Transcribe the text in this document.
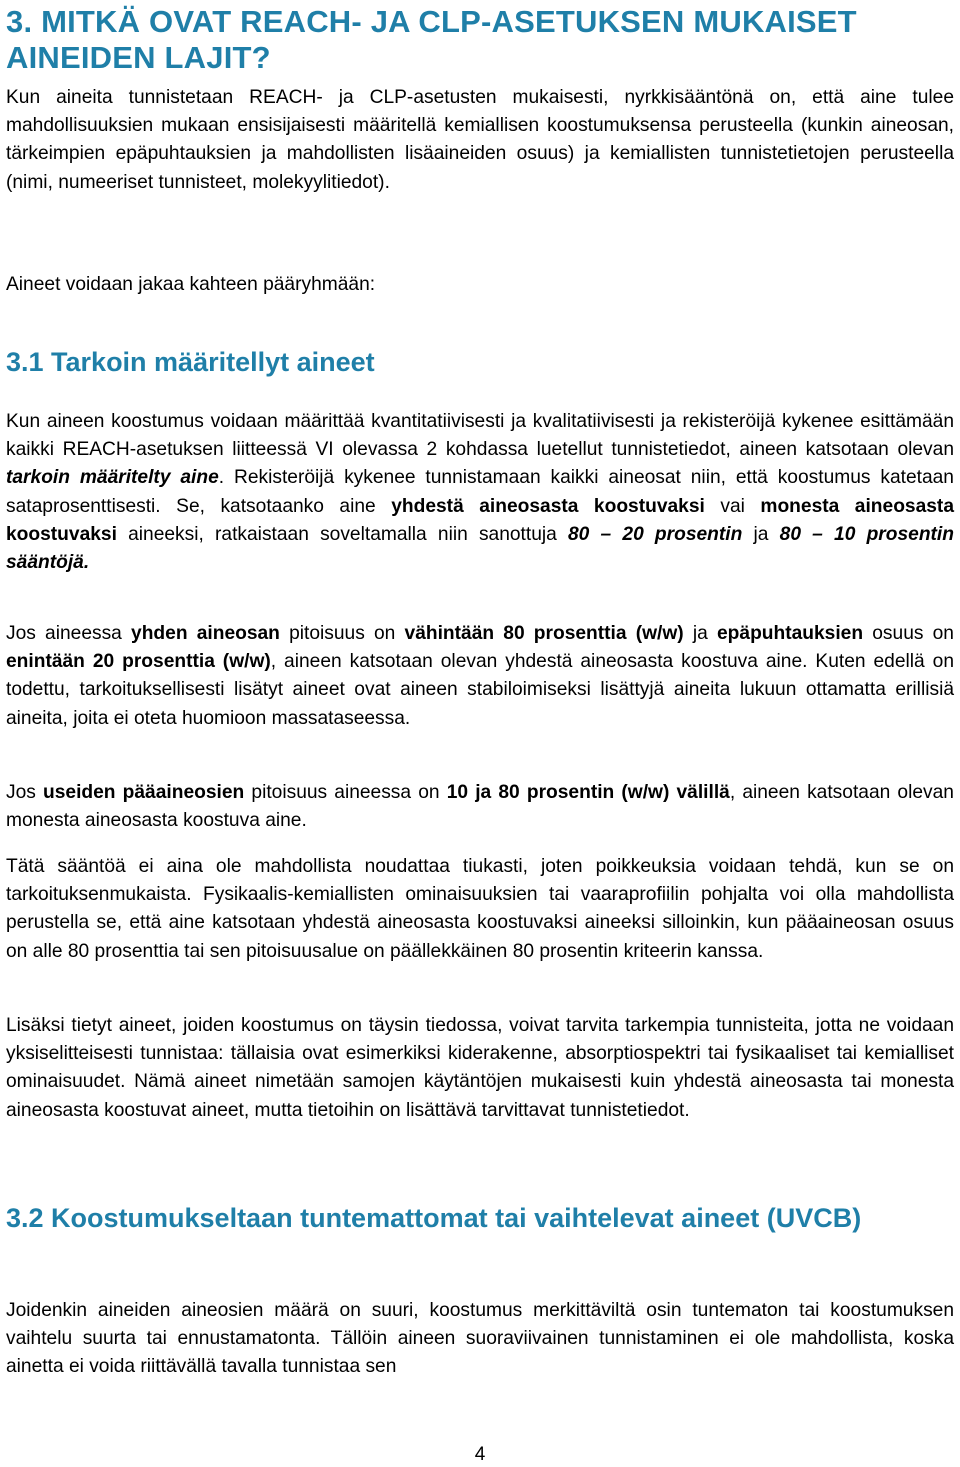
3. MITKÄ OVAT REACH- JA CLP-ASETUKSEN MUKAISET AINEIDEN LAJIT?

Kun aineita tunnistetaan REACH- ja CLP-asetusten mukaisesti, nyrkkisääntönä on, että aine tulee mahdollisuuksien mukaan ensisijaisesti määritellä kemiallisen koostumuksensa perusteella (kunkin aineosan, tärkeimpien epäpuhtauksien ja mahdollisten lisäaineiden osuus) ja kemiallisten tunnistetietojen perusteella (nimi, numeeriset tunnisteet, molekyylitiedot).

Aineet voidaan jakaa kahteen pääryhmään:

3.1 Tarkoin määritellyt aineet

Kun aineen koostumus voidaan määrittää kvantitatiivisesti ja kvalitatiivisesti ja rekisteröijä kykenee esittämään kaikki REACH-asetuksen liitteessä VI olevassa 2 kohdassa luetellut tunnistetiedot, aineen katsotaan olevan tarkoin määritelty aine. Rekisteröijä kykenee tunnistamaan kaikki aineosat niin, että koostumus katetaan sataprosenttisesti. Se, katsotaanko aine yhdestä aineosasta koostuvaksi vai monesta aineosasta koostuvaksi aineeksi, ratkaistaan soveltamalla niin sanottuja 80 – 20 prosentin ja 80 – 10 prosentin sääntöjä.

Jos aineessa yhden aineosan pitoisuus on vähintään 80 prosenttia (w/w) ja epäpuhtauksien osuus on enintään 20 prosenttia (w/w), aineen katsotaan olevan yhdestä aineosasta koostuva aine. Kuten edellä on todettu, tarkoituksellisesti lisätyt aineet ovat aineen stabiloimiseksi lisättyjä aineita lukuun ottamatta erillisiä aineita, joita ei oteta huomioon massataseessa.

Jos useiden pääaineosien pitoisuus aineessa on 10 ja 80 prosentin (w/w) välillä, aineen katsotaan olevan monesta aineosasta koostuva aine.

Tätä sääntöä ei aina ole mahdollista noudattaa tiukasti, joten poikkeuksia voidaan tehdä, kun se on tarkoituksenmukaista. Fysikaalis-kemiallisten ominaisuuksien tai vaaraprofiilin pohjalta voi olla mahdollista perustella se, että aine katsotaan yhdestä aineosasta koostuvaksi aineeksi silloinkin, kun pääaineosan osuus on alle 80 prosenttia tai sen pitoisuusalue on päällekkäinen 80 prosentin kriteerin kanssa.

Lisäksi tietyt aineet, joiden koostumus on täysin tiedossa, voivat tarvita tarkempia tunnisteita, jotta ne voidaan yksiselitteisesti tunnistaa: tällaisia ovat esimerkiksi kiderakenne, absorptiospektri tai fysikaaliset tai kemialliset ominaisuudet. Nämä aineet nimetään samojen käytäntöjen mukaisesti kuin yhdestä aineosasta tai monesta aineosasta koostuvat aineet, mutta tietoihin on lisättävä tarvittavat tunnistetiedot.

3.2 Koostumukseltaan tuntemattomat tai vaihtelevat aineet (UVCB)

Joidenkin aineiden aineosien määrä on suuri, koostumus merkittäviltä osin tuntematon tai koostumuksen vaihtelu suurta tai ennustamatonta. Tällöin aineen suoraviivainen tunnistaminen ei ole mahdollista, koska ainetta ei voida riittävällä tavalla tunnistaa sen

4
